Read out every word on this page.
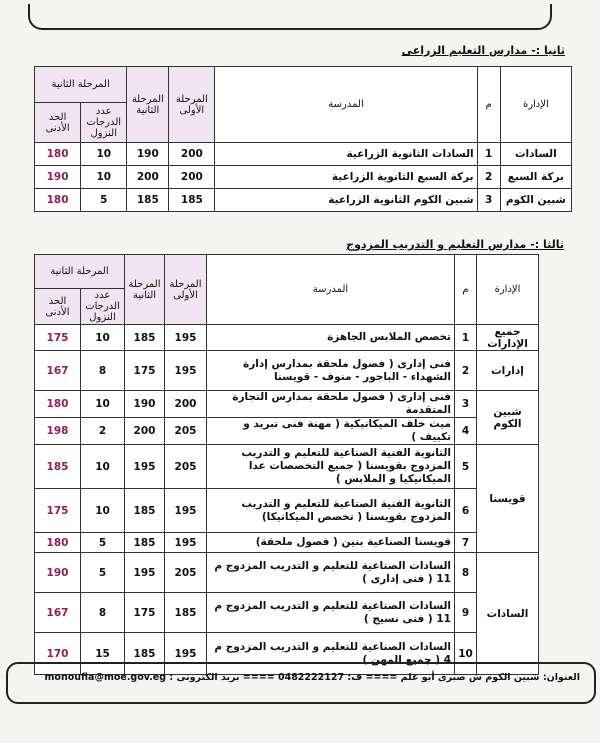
ثانيا :- مدارس التعليم الزراعى
الإدارة	م	المدرسة	المرحلة الأولى	المرحلة الثانية	المرحلة الثانية	
					عدد الدرجات النزول	الحد الأدنى
السادات	1	السادات الثانوية الزراعية	200	190	10	180
بركة السبع	2	بركة السبع الثانوية الزراعية	200	200	10	190
شبين الكوم	3	شبين الكوم الثانوية الزراعية	185	185	5	180
ثالثا :- مدارس التعليم و التدريب المزدوج
الإدارة	م	المدرسة	المرحلة الأولى	المرحلة الثانية	المرحلة الثانية	
					عدد الدرجات النزول	الحد الأدنى
جميع الإدارات	1	تخصص الملابس الجاهزة	195	185	10	175
إدارات	2	فنى إدارى ( فصول ملحقة بمدارس إدارة الشهداء - الباجور - منوف - قويسنا	195	175	8	167
شبين الكوم	3	فنى إدارى ( فصول ملحقة بمدارس التجارة المتقدمة	200	190	10	180
	4	ميت خلف الميكانيكية ( مهنة فنى تبريد و تكييف )	205	200	2	198
قويسنا	5	الثانوية الفنية الصناعية للتعليم و التدريب المزدوج بقويسنا ( جميع التخصصات عدا الميكانيكيا و الملابس )	205	195	10	185
	6	الثانوية الفنية الصناعية للتعليم و التدريب المزدوج بقويسنا ( تخصص الميكانيكا)	195	185	10	175
	7	قويسنا الصناعية بنين ( فصول ملحقة)	195	185	5	180
السادات	8	السادات الصناعية للتعليم و التدريب المزدوج م 11 ( فنى إدارى )	205	195	5	190
	9	السادات الصناعية للتعليم و التدريب المزدوج م 11 ( فنى نسيج )	185	175	8	167
	10	السادات الصناعية للتعليم و التدريب المزدوج م 4 ( جميع المهن )	195	185	15	170
العنوان: شبين الكوم ش صبرى أبو علم ==== ف: 0482222127 ==== بريد الكترونى : monoufia@moe.gov.eg
